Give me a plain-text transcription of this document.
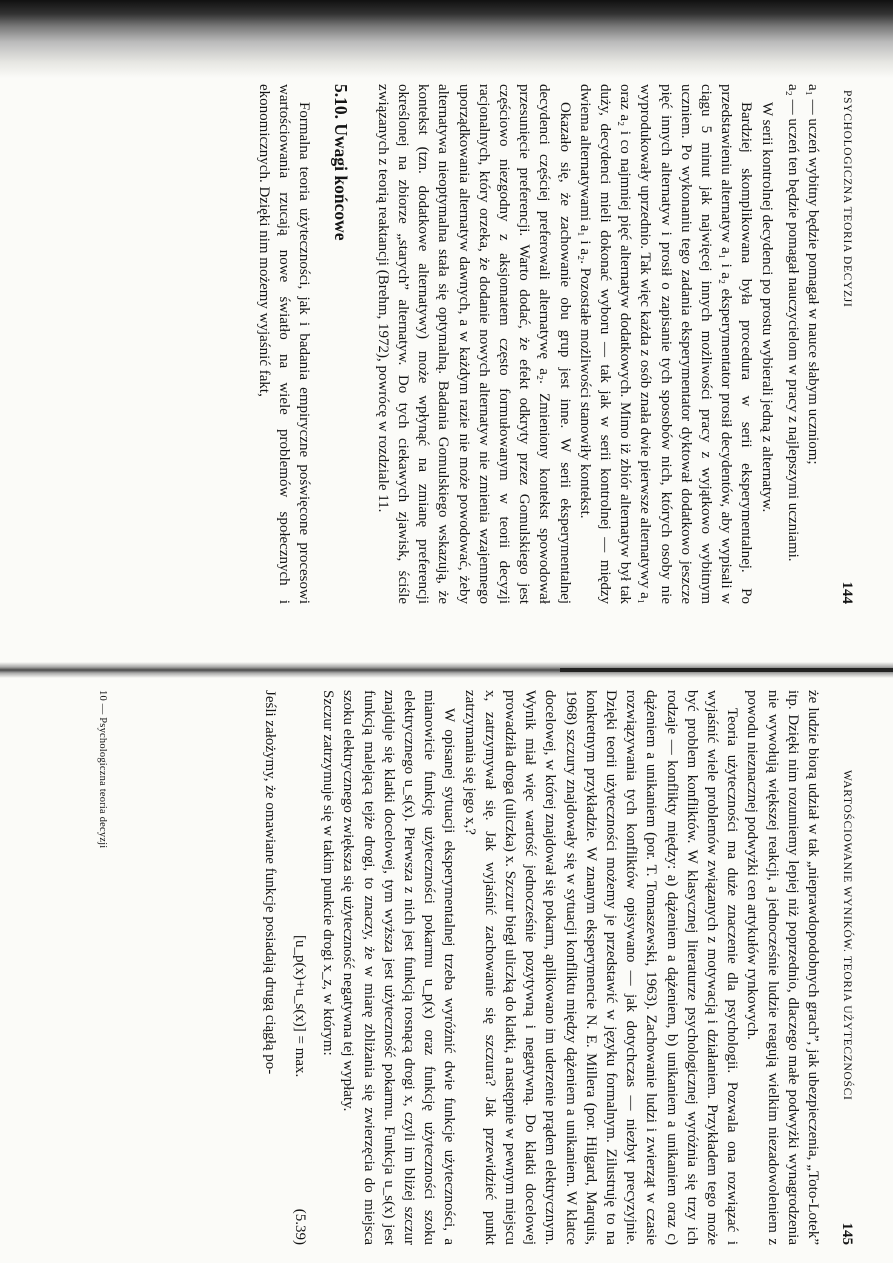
PSYCHOLOGICZNA TEORIA DECYZJI
144

a₁ — uczeń wybitny będzie pomagał w nauce słabym uczniom;

a₂ — uczeń ten będzie pomagał nauczycielom w pracy z najlepszymi uczniami.

W serii kontrolnej decydenci po prostu wybierali jedną z alternatyw.

Bardziej skomplikowana była procedura w serii eksperymentalnej. Po przedstawieniu alternatyw a₁ i a₂ eksperymentator prosił decydentów, aby wypisali w ciągu 5 minut jak najwięcej innych możliwości pracy z wyjątkowo wybitnym uczniem. Po wykonaniu tego zadania eksperymentator dyktował dodatkowo jeszcze pięć innych alternatyw i prosił o zapisanie tych sposobów nich, których osoby nie wyprodukowały uprzednio. Tak więc każda z osób znała dwie pierwsze alternatywy a₁ oraz a₂ i co najmniej pięć alternatyw dodatkowych. Mimo iż zbiór alternatyw był tak duży, decydenci mieli dokonać wyboru — tak jak w serii kontrolnej — między dwiema alternatywami a₁ i a₂. Pozostałe możliwości stanowiły kontekst.

Okazało się, że zachowanie obu grup jest inne. W serii eksperymentalnej decydenci częściej preferowali alternatywę a₂. Zmieniony kontekst spowodował przesunięcie preferencji. Warto dodać, że efekt odkryty przez Gomulskiego jest częściowo niezgodny z aksjomatem często formułowanym w teorii decyzji racjonalnych, który orzeka, że dodanie nowych alternatyw nie zmienia wzajemnego uporządkowania alternatyw dawnych, a w każdym razie nie może powodować, żeby alternatywa nieoptymalna stała się optymalną. Badania Gomulskiego wskazują, że kontekst (tzn. dodatkowe alternatywy) może wpłynąć na zmianę preferencji określonej na zbiorze „starych” alternatyw. Do tych ciekawych zjawisk, ściśle związanych z teorią reaktancji (Brehm, 1972), powrócę w rozdziale 11.

5.10. Uwagi końcowe

Formalna teoria użyteczności, jak i badania empiryczne poświęcone procesowi wartościowania rzucają nowe światło na wiele problemów społecznych i ekonomicznych. Dzięki nim możemy wyjaśnić fakt,

WARTOŚCIOWANIE WYNIKÓW. TEORIA UŻYTECZNOŚCI
145

że ludzie biorą udział w tak „nieprawdopodobnych grach”, jak ubezpieczenia, „Toto-Lotek” itp. Dzięki nim rozumiemy lepiej niż poprzednio, dlaczego małe podwyżki wynagrodzenia nie wywołują większej reakcji, a jednocześnie ludzie reagują wielkim niezadowoleniem z powodu nieznacznej podwyżki cen artykułów rynkowych.

Teoria użyteczności ma duże znaczenie dla psychologii. Pozwala ona rozwiązać i wyjaśnić wiele problemów związanych z motywacją i działaniem. Przykładem tego może być problem konfliktów. W klasycznej literaturze psychologicznej wyróżnia się trzy ich rodzaje — konflikty między: a) dążeniem a dążeniem, b) unikaniem a unikaniem oraz c) dążeniem a unikaniem (por. T. Tomaszewski, 1963). Zachowanie ludzi i zwierząt w czasie rozwiązywania tych konfliktów opisywano — jak dotychczas — niezbyt precyzyjnie. Dzięki teorii użyteczności możemy je przedstawić w języku formalnym. Zilustruję to na konkretnym przykładzie. W znanym eksperymencie N. E. Millera (por. Hilgard, Marquis, 1968) szczury znajdowały się w sytuacji konfliktu między dążeniem a unikaniem. W klatce docelowej, w której znajdował się pokarm, aplikowano im uderzenie prądem elektrycznym. Wynik miał więc wartość jednocześnie pozytywną i negatywną. Do klatki docelowej prowadziła droga (uliczka) x. Szczur biegł uliczką do klatki, a następnie w pewnym miejscu x, zatrzymywał się. Jak wyjaśnić zachowanie się szczura? Jak przewidzieć punkt zatrzymania się jego x,?

W opisanej sytuacji eksperymentalnej trzeba wyróżnić dwie funkcje użyteczności, a mianowicie funkcję użyteczności pokarmu u_p(x) oraz funkcję użyteczności szoku elektrycznego u_s(x). Pierwsza z nich jest funkcją rosnącą drogi x, czyli im bliżej szczur znajduje się klatki docelowej, tym wyższa jest użyteczność pokarmu. Funkcja u_s(x) jest funkcją malejącą tejże drogi, to znaczy, że w miarę zbliżania się zwierzęcia do miejsca szoku elektrycznego zwiększa się użyteczność negatywna tej wypłaty.

Szczur zatrzymuje się w takim punkcie drogi x_z, w którym:

[u_p(x)+u_s(x)] = max.
(5.39)

Jeśli założymy, że omawiane funkcje posiadają drugą ciągłą po-

10 — Psychologiczna teoria decyzji
